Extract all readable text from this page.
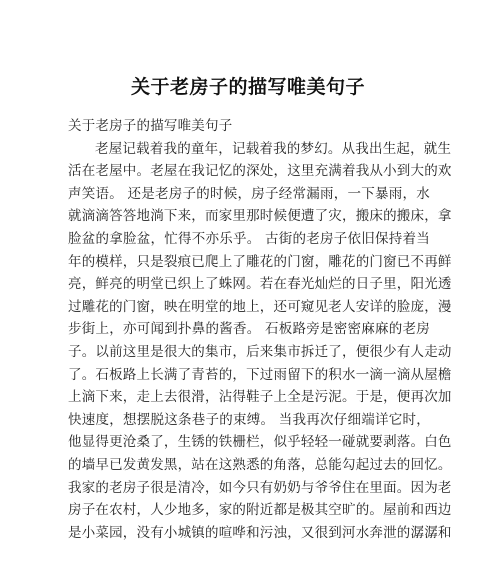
关于老房子的描写唯美句子
关于老房子的描写唯美句子
老屋记载着我的童年，记载着我的梦幻。从我出生起，就生
活在老屋中。老屋在我记忆的深处，这里充满着我从小到大的欢
声笑语。 还是老房子的时候，房子经常漏雨，一下暴雨，水
就滴滴答答地淌下来，而家里那时候便遭了灾，搬床的搬床，拿
脸盆的拿脸盆，忙得不亦乐乎。 古街的老房子依旧保持着当
年的模样，只是裂痕已爬上了雕花的门窗，雕花的门窗已不再鲜
亮，鲜亮的明堂已织上了蛛网。若在春光灿烂的日子里，阳光透
过雕花的门窗，映在明堂的地上，还可窥见老人安详的脸庞，漫
步街上，亦可闻到扑鼻的酱香。 石板路旁是密密麻麻的老房
子。以前这里是很大的集市，后来集市拆迁了，便很少有人走动
了。石板路上长满了青苔的，下过雨留下的积水一滴一滴从屋檐
上滴下来，走上去很滑，沾得鞋子上全是污泥。于是，便再次加
快速度，想摆脱这条巷子的束缚。 当我再次仔细端详它时，
他显得更沧桑了，生锈的铁栅栏，似乎轻轻一碰就要剥落。白色
的墙早已发黄发黑，站在这熟悉的角落，总能勾起过去的回忆。
我家的老房子很是清冷，如今只有奶奶与爷爷住在里面。因为老
房子在农村，人少地多，家的附近都是极其空旷的。屋前和西边
是小菜园，没有小城镇的喧哗和污浊，又很到河水奔泄的潺潺和
